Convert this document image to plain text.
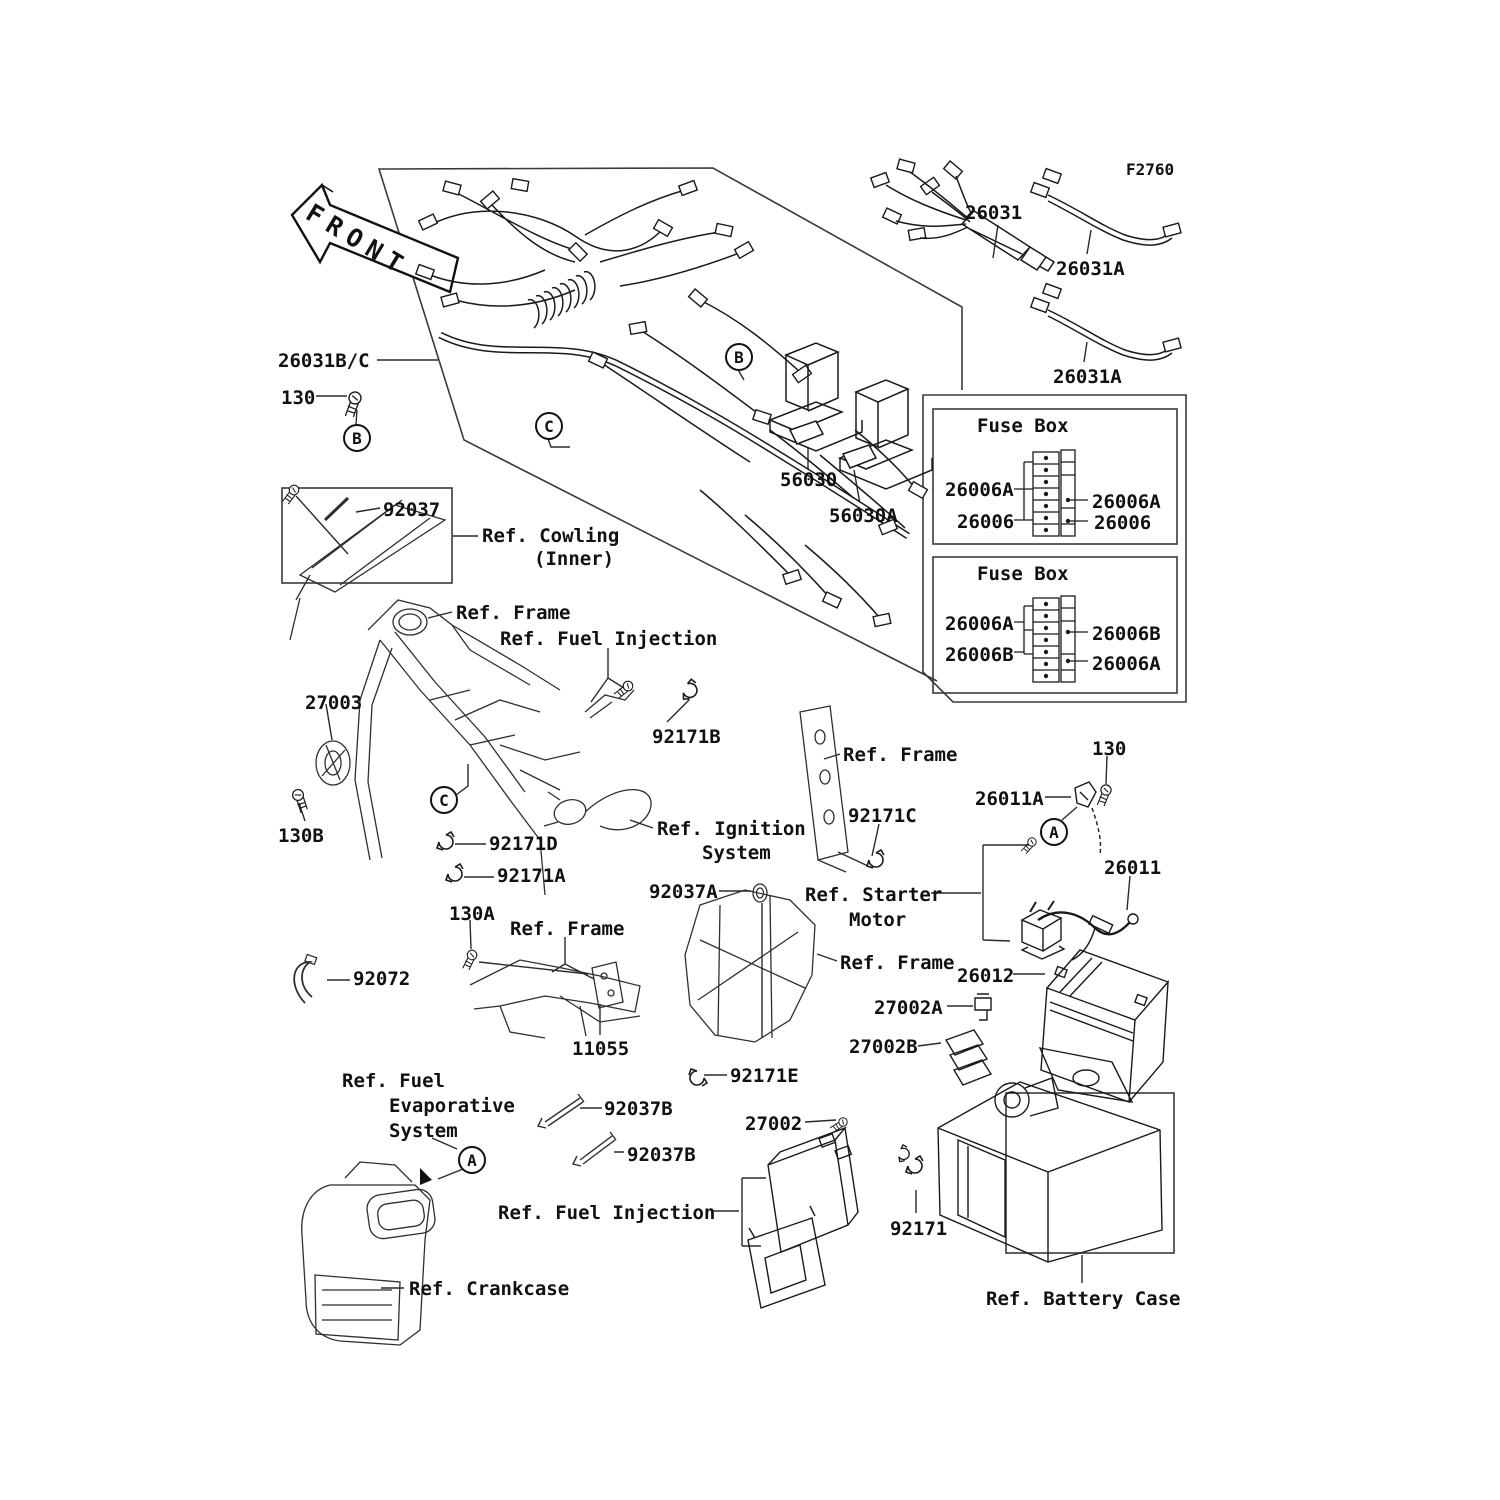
F2760
FRONT	26031
26031A
26031A
26031B/C
130
92037
Ref. Cowling
(Inner)
Ref. Frame
Ref. Fuel Injection
92171B
27003
130B	92171D
92171A
Ref. Ignition
System
92037A
Ref. Frame
92171C
Ref. Starter
Motor
130
26011A
26011
Ref. Frame
26012
27002A
27002B
92171E
130A
Ref. Frame
92072
11055
Ref. Fuel
Evaporative
System
92037B
92037B
27002
Ref. Fuel Injection
Ref. Crankcase
92171
Ref. Battery Case
56030
56030A
B
B
C
C
A
A
Fuse Box
26006A
26006
26006A
26006
Fuse Box
26006A
26006B
26006B
26006A
